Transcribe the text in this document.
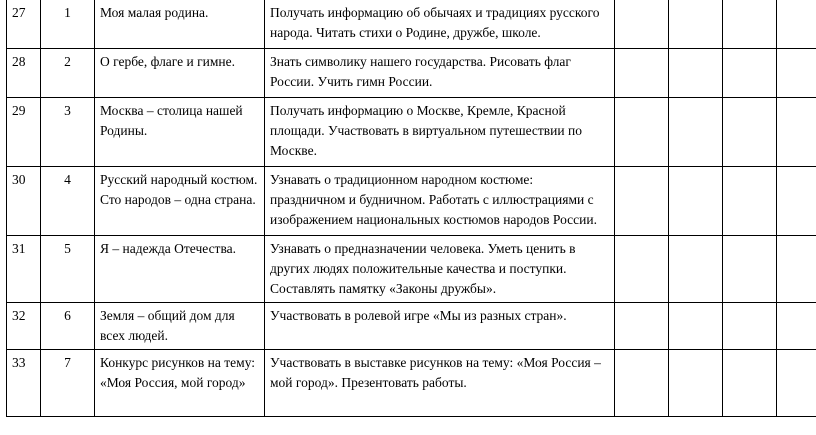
27	1	Моя малая родина.	Получать информацию об обычаях и традициях русского народа. Читать стихи о Родине, дружбе, школе.				
28	2	О гербе, флаге и гимне.	Знать символику нашего государства. Рисовать флаг России. Учить гимн России.				
29	3	Москва – столица нашей Родины.	Получать информацию о Москве, Кремле, Красной площади. Участвовать в виртуальном путешествии по Москве.				
30	4	Русский народный костюм. Сто народов – одна страна.	Узнавать о традиционном народном костюме: праздничном и будничном. Работать с иллюстрациями с изображением национальных костюмов народов России.				
31	5	Я – надежда Отечества.	Узнавать о предназначении человека. Уметь ценить в других людях положительные качества и поступки. Составлять памятку «Законы дружбы».				
32	6	Земля – общий дом для всех людей.	Участвовать в ролевой игре «Мы из разных стран».				
33	7	Конкурс рисунков на тему: «Моя Россия, мой город»	Участвовать в выставке рисунков на тему: «Моя Россия – мой город». Презентовать работы.				
